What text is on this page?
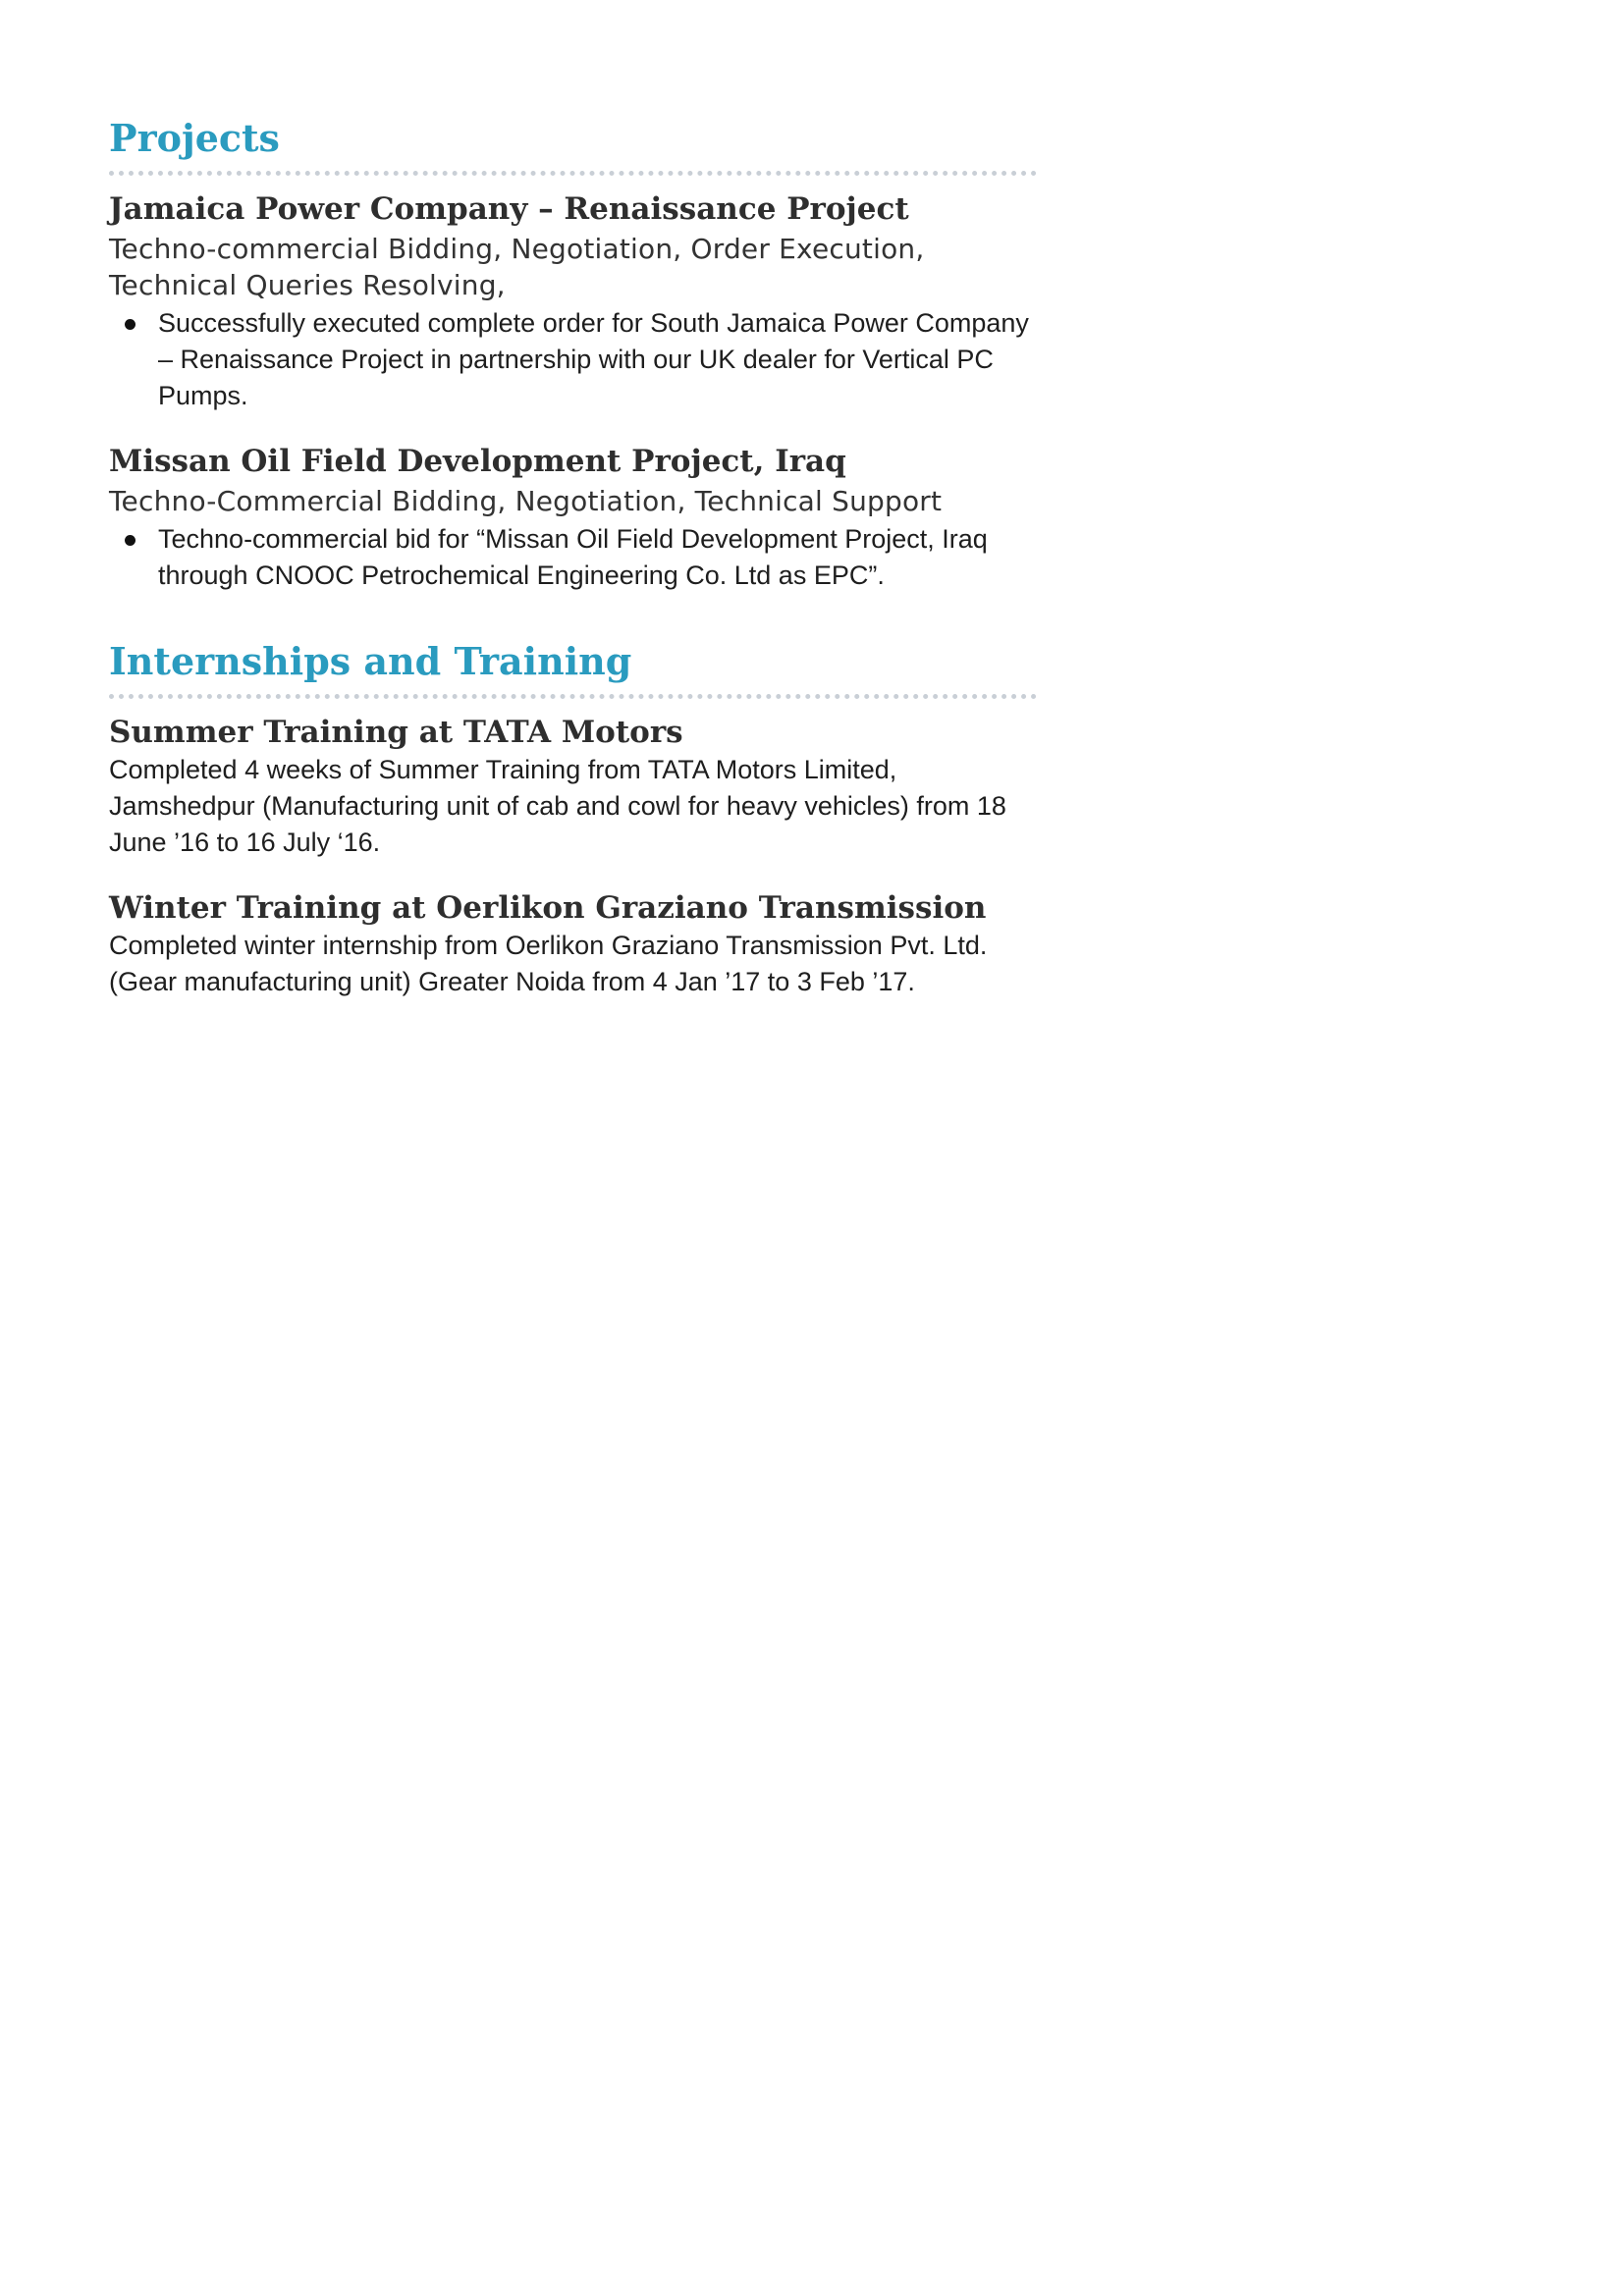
Projects
Jamaica Power Company – Renaissance Project
Techno-commercial Bidding, Negotiation, Order Execution,
Technical Queries Resolving,
Successfully executed complete order for South Jamaica Power Company – Renaissance Project in partnership with our UK dealer for Vertical PC Pumps.
Missan Oil Field Development Project, Iraq
Techno-Commercial Bidding, Negotiation, Technical Support
Techno-commercial bid for “Missan Oil Field Development Project, Iraq through CNOOC Petrochemical Engineering Co. Ltd as EPC”.
Internships and Training
Summer Training at TATA Motors

Completed 4 weeks of Summer Training from TATA Motors Limited, Jamshedpur (Manufacturing unit of cab and cowl for heavy vehicles) from 18 June ’16 to 16 July ‘16.

Winter Training at Oerlikon Graziano Transmission

Completed winter internship from Oerlikon Graziano Transmission Pvt. Ltd. (Gear manufacturing unit) Greater Noida from 4 Jan ’17 to 3 Feb ’17.
